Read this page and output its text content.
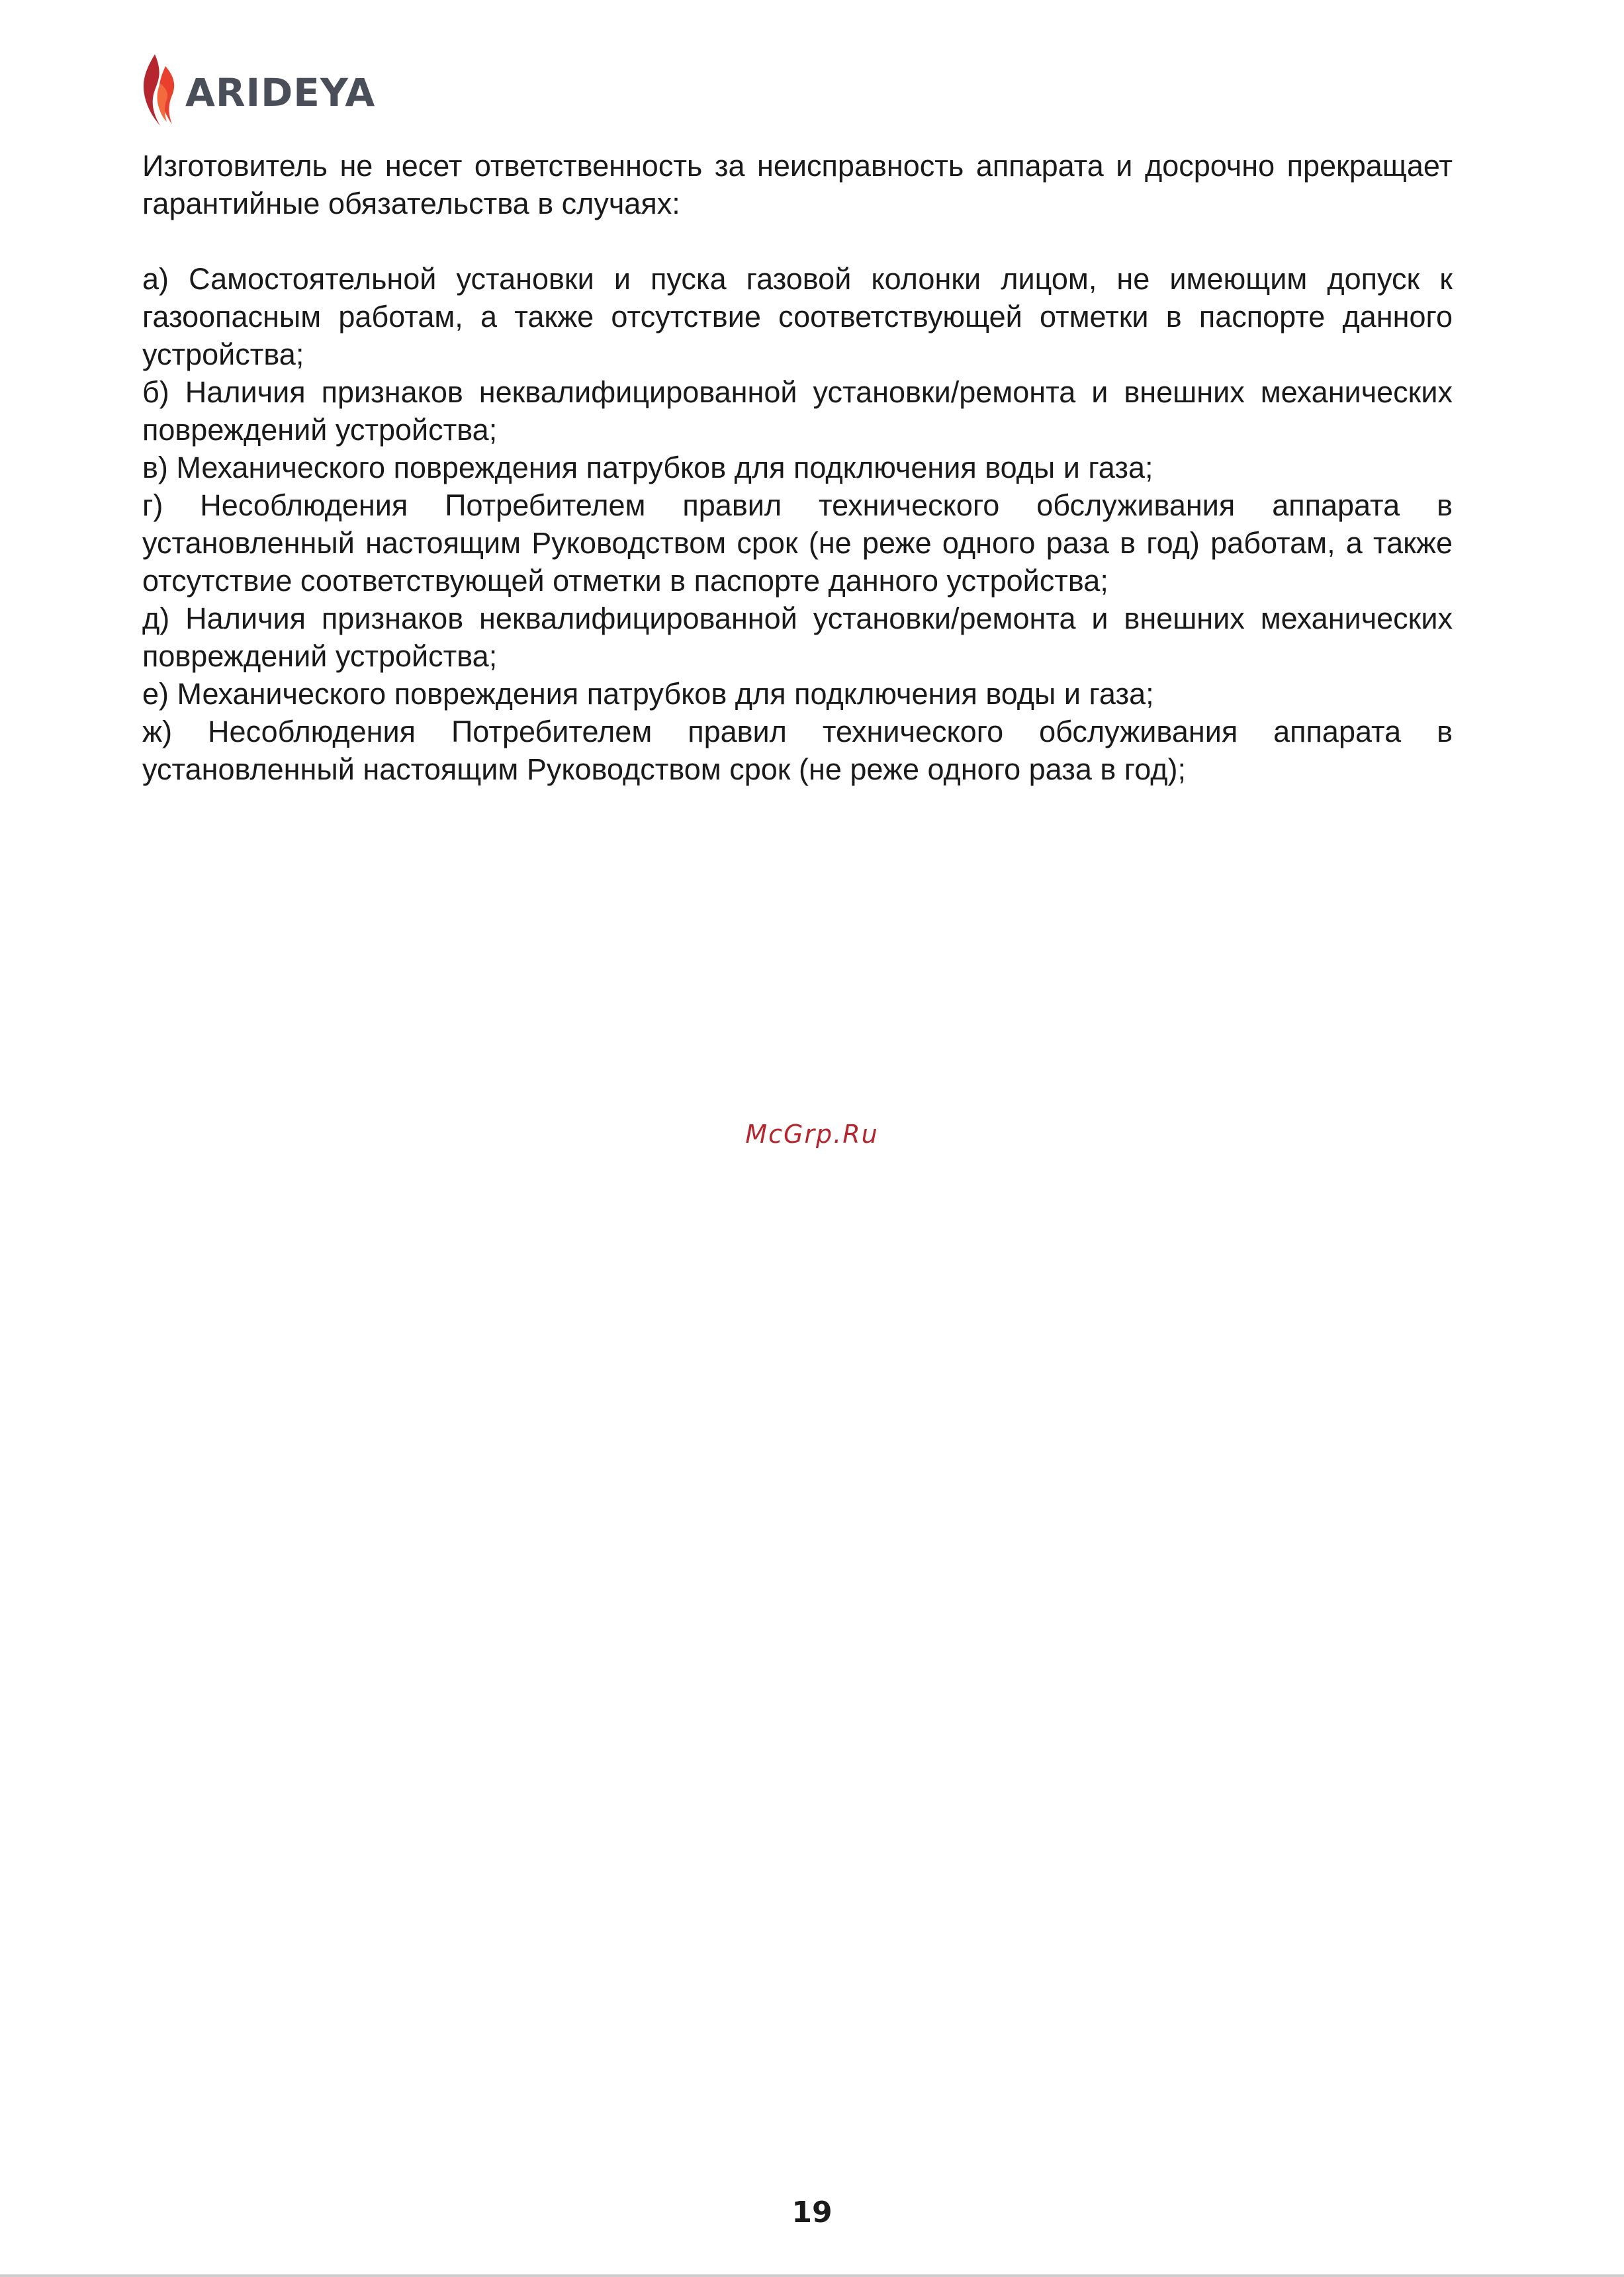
ARIDEYA

Изготовитель не несет ответственность за неисправность аппарата и досрочно прекращает гарантийные обязательства в случаях:

а) Самостоятельной установки и пуска газовой колонки лицом, не имеющим допуск к газоопасным работам, а также отсутствие соответствующей отметки в паспорте данного устройства;

б) Наличия признаков неквалифицированной установки/ремонта и внешних механических повреждений устройства;

в) Механического повреждения патрубков для подключения воды и газа;

г) Несоблюдения Потребителем правил технического обслуживания аппарата в установленный настоящим Руководством срок (не реже одного раза в год) работам, а также отсутствие соответствующей отметки в паспорте данного устройства;

д) Наличия признаков неквалифицированной установки/ремонта и внешних механических повреждений устройства;

е) Механического повреждения патрубков для подключения воды и газа;

ж) Несоблюдения Потребителем правил технического обслуживания аппарата в установленный настоящим Руководством срок (не реже одного раза в год);

McGrp.Ru
19
